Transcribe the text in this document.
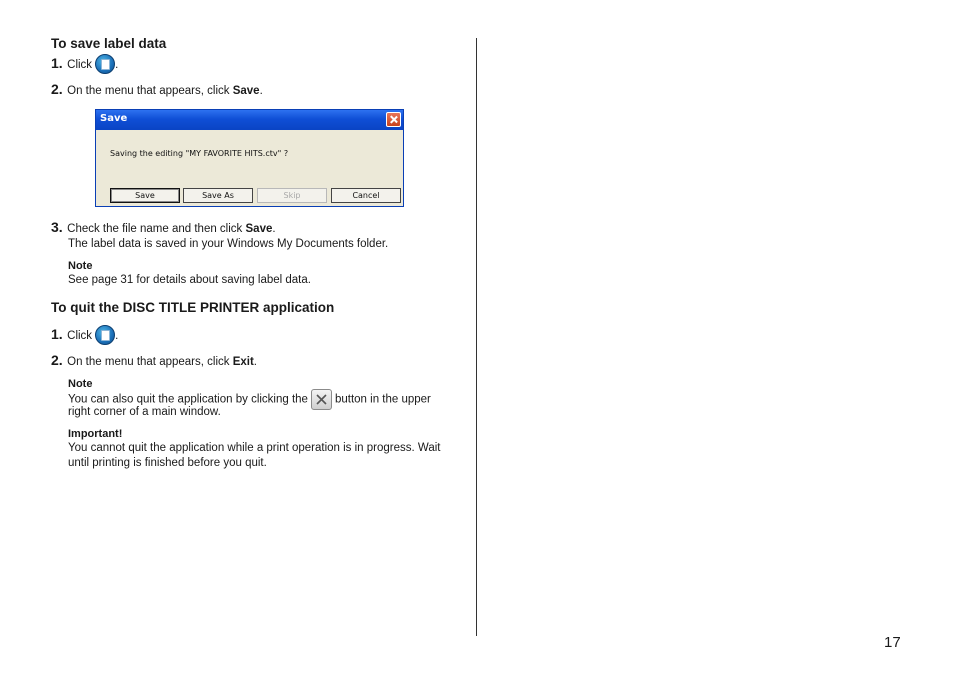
To save label data
1. Click .
2. On the menu that appears, click Save.
Save
Saving the editing "MY FAVORITE HITS.ctv" ?
Save	Save As	Skip	Cancel
3. Check the file name and then click Save.
The label data is saved in your Windows My Documents folder.
Note
See page 31 for details about saving label data.
To quit the DISC TITLE PRINTER application
1. Click .
2. On the menu that appears, click Exit.
Note
You can also quit the application by clicking the button in the upper
right corner of a main window.
Important!
You cannot quit the application while a print operation is in progress. Wait
until printing is finished before you quit.
17
